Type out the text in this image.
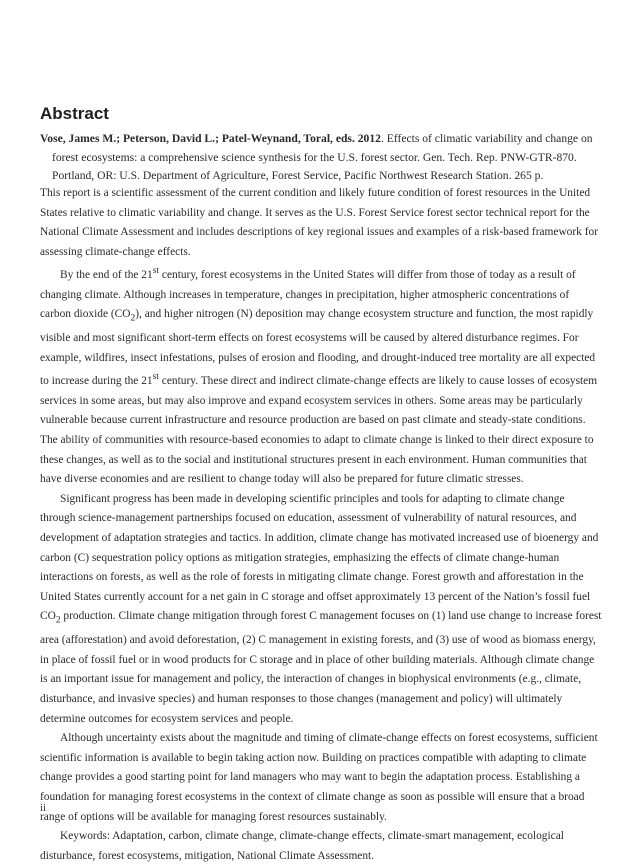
Abstract

Vose, James M.; Peterson, David L.; Patel-Weynand, Toral, eds. 2012. Effects of climatic variability and change on forest ecosystems: a comprehensive science synthesis for the U.S. forest sector. Gen. Tech. Rep. PNW-GTR-870. Portland, OR: U.S. Department of Agriculture, Forest Service, Pacific Northwest Research Station. 265 p.

This report is a scientific assessment of the current condition and likely future condition of forest resources in the United States relative to climatic variability and change. It serves as the U.S. Forest Service forest sector technical report for the National Climate Assessment and includes descriptions of key regional issues and examples of a risk-based framework for assessing climate-change effects.

By the end of the 21st century, forest ecosystems in the United States will differ from those of today as a result of changing climate. Although increases in temperature, changes in precipitation, higher atmospheric concentrations of carbon dioxide $(CO_2)$, and higher nitrogen (N) deposition may change ecosystem structure and function, the most rapidly visible and most significant short-term effects on forest ecosystems will be caused by altered disturbance regimes. For example, wildfires, insect infestations, pulses of erosion and flooding, and drought-induced tree mortality are all expected to increase during the 21st century. These direct and indirect climate-change effects are likely to cause losses of ecosystem services in some areas, but may also improve and expand ecosystem services in others. Some areas may be particularly vulnerable because current infrastructure and resource production are based on past climate and steady-state conditions. The ability of communities with resource-based economies to adapt to climate change is linked to their direct exposure to these changes, as well as to the social and institutional structures present in each environment. Human communities that have diverse economies and are resilient to change today will also be prepared for future climatic stresses.

Significant progress has been made in developing scientific principles and tools for adapting to climate change through science-management partnerships focused on education, assessment of vulnerability of natural resources, and development of adaptation strategies and tactics. In addition, climate change has motivated increased use of bioenergy and carbon (C) sequestration policy options as mitigation strategies, emphasizing the effects of climate change-human interactions on forests, as well as the role of forests in mitigating climate change. Forest growth and afforestation in the United States currently account for a net gain in C storage and offset approximately 13 percent of the Nation’s fossil fuel $CO_2$ production. Climate change mitigation through forest C management focuses on (1) land use change to increase forest area (afforestation) and avoid deforestation, (2) C management in existing forests, and (3) use of wood as biomass energy, in place of fossil fuel or in wood products for C storage and in place of other building materials. Although climate change is an important issue for management and policy, the interaction of changes in biophysical environments (e.g., climate, disturbance, and invasive species) and human responses to those changes (management and policy) will ultimately determine outcomes for ecosystem services and people.

Although uncertainty exists about the magnitude and timing of climate-change effects on forest ecosystems, sufficient scientific information is available to begin taking action now. Building on practices compatible with adapting to climate change provides a good starting point for land managers who may want to begin the adaptation process. Establishing a foundation for managing forest ecosystems in the context of climate change as soon as possible will ensure that a broad range of options will be available for managing forest resources sustainably.

Keywords: Adaptation, carbon, climate change, climate-change effects, climate-smart management, ecological disturbance, forest ecosystems, mitigation, National Climate Assessment.

ii
